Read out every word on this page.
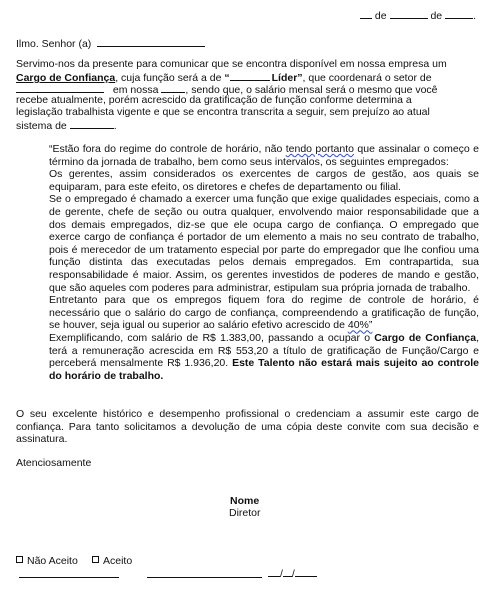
de	de	.
Ilmo. Senhor (a)
Servimo-nos da presente para comunicar que se encontra disponível em nossa empresa um
Cargo de Confiança, cuja função será a de “	Líder”, que coordenará o setor de
em nossa	, sendo que, o salário mensal será o mesmo que você
recebe atualmente, porém acrescido da gratificação de função conforme determina a
legislação trabalhista vigente e que se encontra transcrita a seguir, sem prejuízo ao atual
sistema de	.

“Estão fora do regime do controle de horário, não tendo portanto que assinalar o começo e término da jornada de trabalho, bem como seus intervalos, os seguintes empregados:

Os gerentes, assim considerados os exercentes de cargos de gestão, aos quais se equiparam, para este efeito, os diretores e chefes de departamento ou filial.

Se o empregado é chamado a exercer uma função que exige qualidades especiais, como a de gerente, chefe de seção ou outra qualquer, envolvendo maior responsabilidade que a dos demais empregados, diz-se que ele ocupa cargo de confiança. O empregado que exerce cargo de confiança é portador de um elemento a mais no seu contrato de trabalho, pois é merecedor de um tratamento especial por parte do empregador que lhe confiou uma função distinta das executadas pelos demais empregados. Em contrapartida, sua responsabilidade é maior. Assim, os gerentes investidos de poderes de mando e gestão, que são aqueles com poderes para administrar, estipulam sua própria jornada de trabalho.

Entretanto para que os empregos fiquem fora do regime de controle de horário, é necessário que o salário do cargo de confiança, compreendendo a gratificação de função, se houver, seja igual ou superior ao salário efetivo acrescido de 40%”

Exemplificando, com salário de R$ 1.383,00, passando a ocupar o Cargo de Confiança, terá a remuneração acrescida em R$ 553,20 a título de gratificação de Função/Cargo e perceberá mensalmente R$ 1.936,20. Este Talento não estará mais sujeito ao controle do horário de trabalho.

O seu excelente histórico e desempenho profissional o credenciam a assumir este cargo de confiança. Para tanto solicitamos a devolução de uma cópia deste convite com sua decisão e assinatura.
Atenciosamente
Nome
Diretor
Não Aceito	Aceito
/ /
